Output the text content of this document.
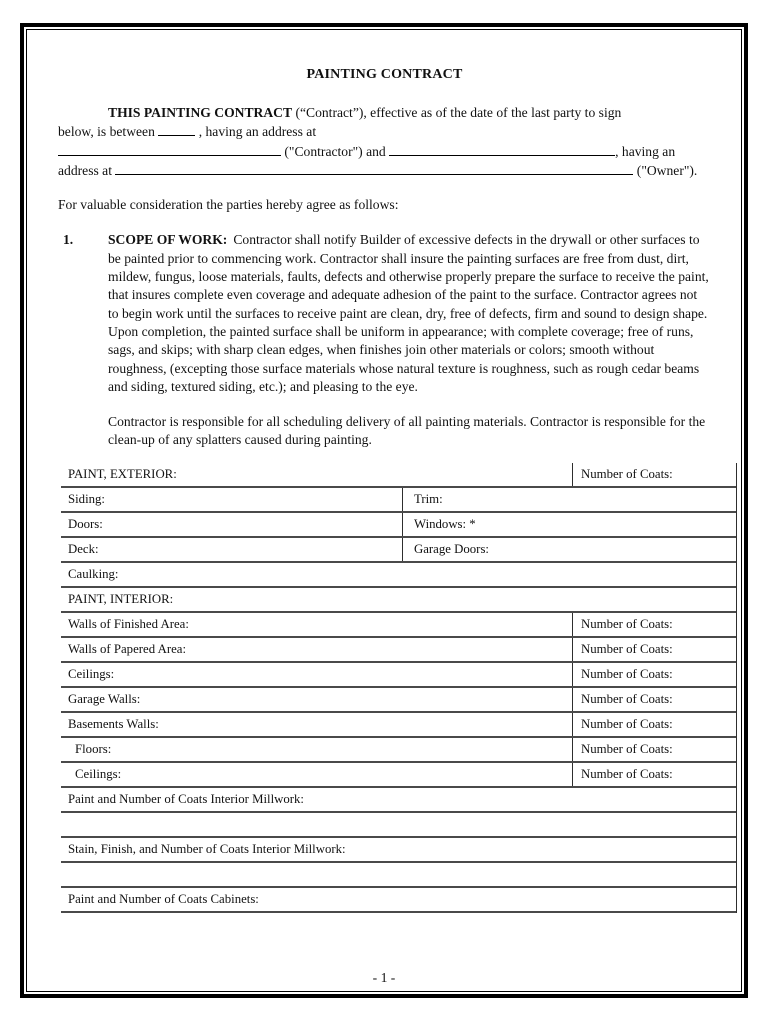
PAINTING CONTRACT
THIS PAINTING CONTRACT (“Contract”), effective as of the date of the last party to sign
below, is between	, having an address at
("Contractor") and	, having an
address at	("Owner").
For valuable consideration the parties hereby agree as follows:
1.	SCOPE OF WORK: Contractor shall notify Builder of excessive defects in the drywall or other surfaces to be painted prior to commencing work. Contractor shall insure the painting surfaces are free from dust, dirt, mildew, fungus, loose materials, faults, defects and otherwise properly prepare the surface to receive the paint, that insures complete even coverage and adequate adhesion of the paint to the surface. Contractor agrees not to begin work until the surfaces to receive paint are clean, dry, free of defects, firm and sound to design shape. Upon completion, the painted surface shall be uniform in appearance; with complete coverage; free of runs, sags, and skips; with sharp clean edges, when finishes join other materials or colors; smooth without roughness, (excepting those surface materials whose natural texture is roughness, such as rough cedar beams and siding, textured siding, etc.); and pleasing to the eye.
Contractor is responsible for all scheduling delivery of all painting materials. Contractor is responsible for the clean-up of any splatters caused during painting.
PAINT, EXTERIOR:	Number of Coats:
Siding:	Trim:
Doors:	Windows: *
Deck:	Garage Doors:
Caulking:
PAINT, INTERIOR:
Walls of Finished Area:	Number of Coats:
Walls of Papered Area:	Number of Coats:
Ceilings:	Number of Coats:
Garage Walls:	Number of Coats:
Basements Walls:	Number of Coats:
Floors:	Number of Coats:
Ceilings:	Number of Coats:
Paint and Number of Coats Interior Millwork:
Stain, Finish, and Number of Coats Interior Millwork:
Paint and Number of Coats Cabinets:
- 1 -
